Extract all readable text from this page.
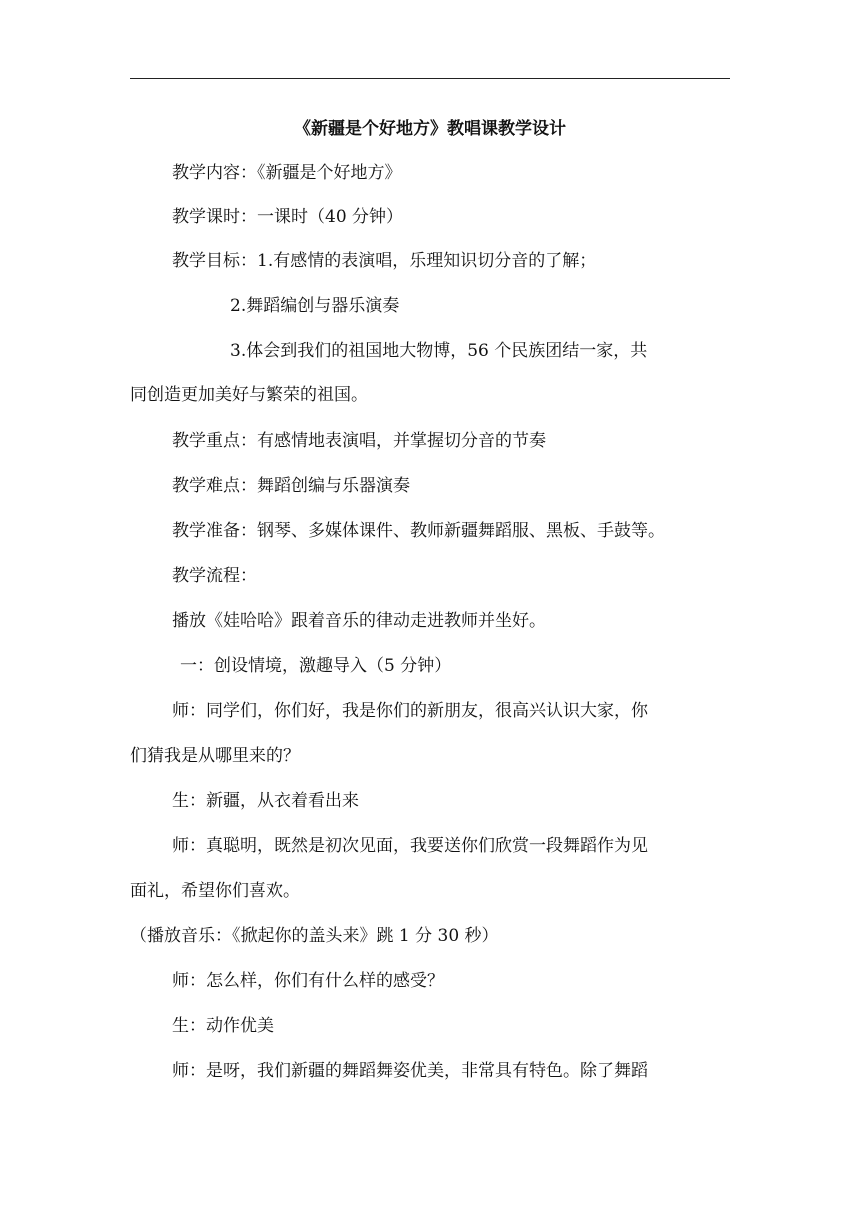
《新疆是个好地方》教唱课教学设计
教学内容：《新疆是个好地方》
教学课时：一课时（40 分钟）
教学目标：1.有感情的表演唱，乐理知识切分音的了解；
2.舞蹈编创与器乐演奏
3.体会到我们的祖国地大物博，56 个民族团结一家，共
同创造更加美好与繁荣的祖国。
教学重点：有感情地表演唱，并掌握切分音的节奏
教学难点：舞蹈创编与乐器演奏
教学准备：钢琴、多媒体课件、教师新疆舞蹈服、黑板、手鼓等。
教学流程：
播放《娃哈哈》跟着音乐的律动走进教师并坐好。
一：创设情境，激趣导入（5 分钟）
师：同学们，你们好，我是你们的新朋友，很高兴认识大家，你
们猜我是从哪里来的？
生：新疆，从衣着看出来
师：真聪明，既然是初次见面，我要送你们欣赏一段舞蹈作为见
面礼，希望你们喜欢。
（播放音乐：《掀起你的盖头来》跳 1 分 30 秒）
师：怎么样，你们有什么样的感受？
生：动作优美
师：是呀，我们新疆的舞蹈舞姿优美，非常具有特色。除了舞蹈
